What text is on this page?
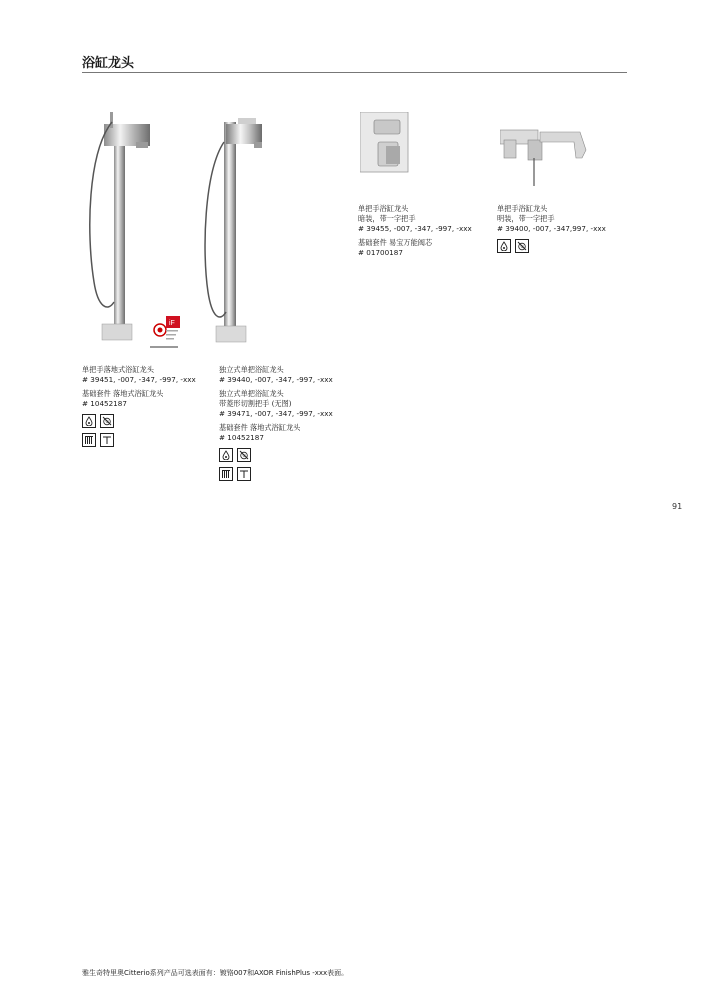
浴缸龙头
iF
单把手落地式浴缸龙头
# 39451, -007, -347, -997, -xxx
基础套件 落地式浴缸龙头
# 10452187
独立式单把浴缸龙头
# 39440, -007, -347, -997, -xxx
独立式单把浴缸龙头
带菱形切割把手 (无图)
# 39471, -007, -347, -997, -xxx
基础套件 落地式浴缸龙头
# 10452187
单把手浴缸龙头
暗装，带一字把手
# 39455, -007, -347, -997, -xxx
基础套件 易宝万能阀芯
# 01700187
单把手浴缸龙头
明装，带一字把手
# 39400, -007, -347,997, -xxx
91
雅生奇特里奥Citterio系列产品可选表面有：镀铬007和AXOR FinishPlus -xxx表面。
